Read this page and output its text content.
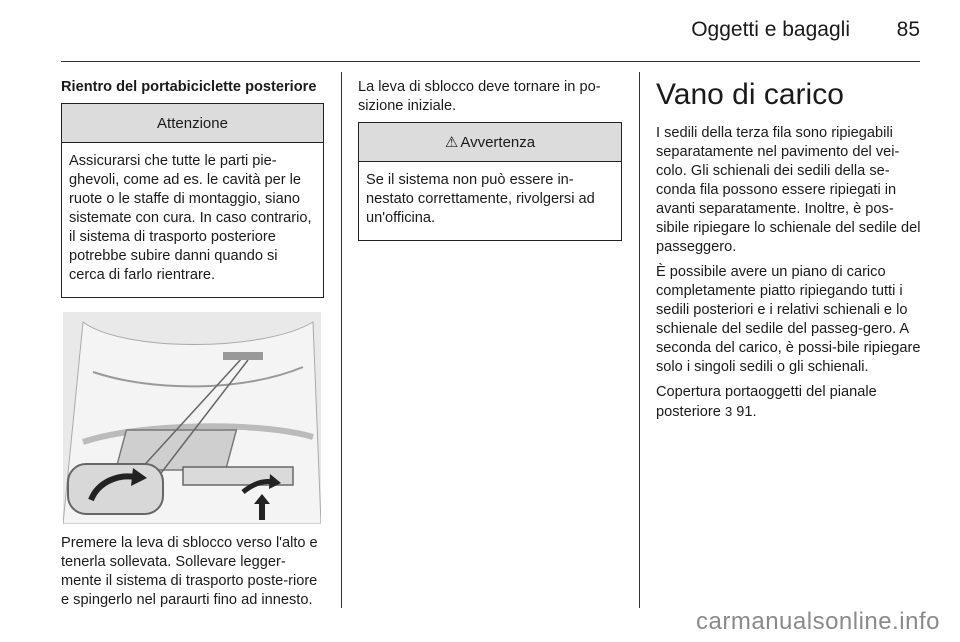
Oggetti e bagagli 85
Rientro del portabiciclette posteriore
Attenzione
Assicurarsi che tutte le parti pie-ghevoli, come ad es. le cavità per le ruote o le staffe di montaggio, siano sistemate con cura. In caso contrario, il sistema di trasporto posteriore potrebbe subire danni quando si cerca di farlo rientrare.

Premere la leva di sblocco verso l'alto e tenerla sollevata. Sollevare legger-mente il sistema di trasporto poste-riore e spingerlo nel paraurti fino ad innesto.

La leva di sblocco deve tornare in po-sizione iniziale.

⚠ Avvertenza
Se il sistema non può essere in-nestato correttamente, rivolgersi ad un'officina.
Vano di carico

I sedili della terza fila sono ripiegabili separatamente nel pavimento del vei-colo. Gli schienali dei sedili della se-conda fila possono essere ripiegati in avanti separatamente. Inoltre, è pos-sibile ripiegare lo schienale del sedile del passeggero.

È possibile avere un piano di carico completamente piatto ripiegando tutti i sedili posteriori e i relativi schienali e lo schienale del sedile del passeg-gero. A seconda del carico, è possi-bile ripiegare solo i singoli sedili o gli schienali.

Copertura portaoggetti del pianale posteriore 3 91.

carmanualsonline.info
